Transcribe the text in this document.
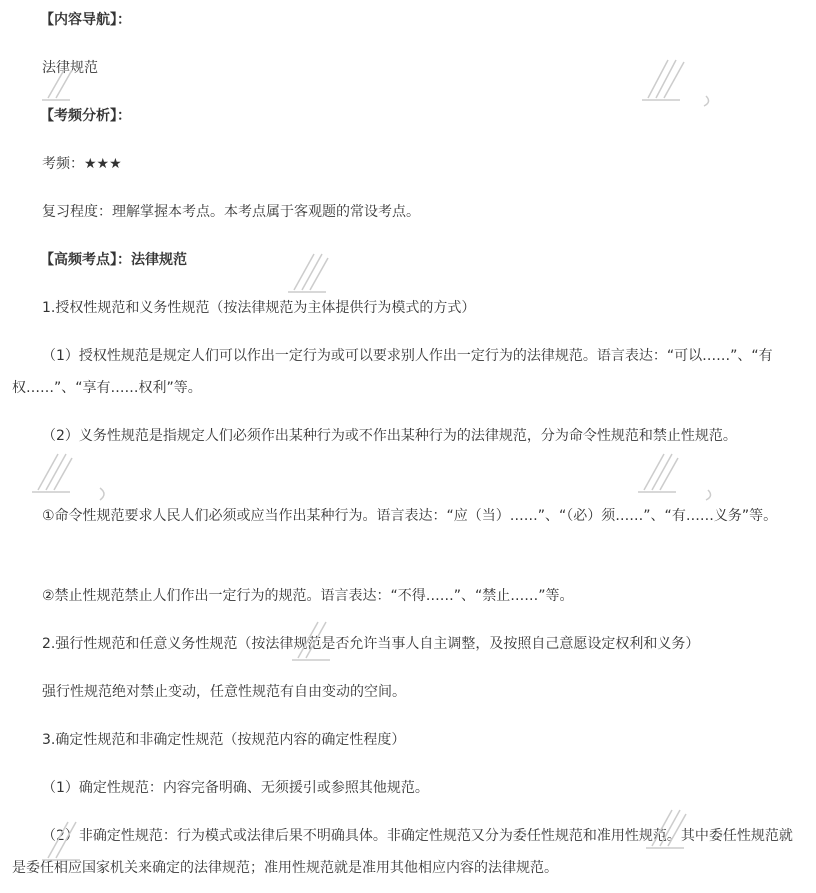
【内容导航】：
法律规范
【考频分析】：
考频：★★★
复习程度：理解掌握本考点。本考点属于客观题的常设考点。
【高频考点】：法律规范
1.授权性规范和义务性规范（按法律规范为主体提供行为模式的方式）
（1）授权性规范是规定人们可以作出一定行为或可以要求别人作出一定行为的法律规范。语言表达：“可以……”、“有权……”、“享有……权利”等。
（2）义务性规范是指规定人们必须作出某种行为或不作出某种行为的法律规范，分为命令性规范和禁止性规范。
①命令性规范要求人民人们必须或应当作出某种行为。语言表达：“应（当）……”、“（必）须……”、“有……义务”等。
②禁止性规范禁止人们作出一定行为的规范。语言表达：“不得……”、“禁止……”等。
2.强行性规范和任意义务性规范（按法律规范是否允许当事人自主调整，及按照自己意愿设定权利和义务）
强行性规范绝对禁止变动，任意性规范有自由变动的空间。
3.确定性规范和非确定性规范（按规范内容的确定性程度）
（1）确定性规范：内容完备明确、无须援引或参照其他规范。
（2）非确定性规范：行为模式或法律后果不明确具体。非确定性规范又分为委任性规范和准用性规范。其中委任性规范就是委任相应国家机关来确定的法律规范；准用性规范就是准用其他相应内容的法律规范。
